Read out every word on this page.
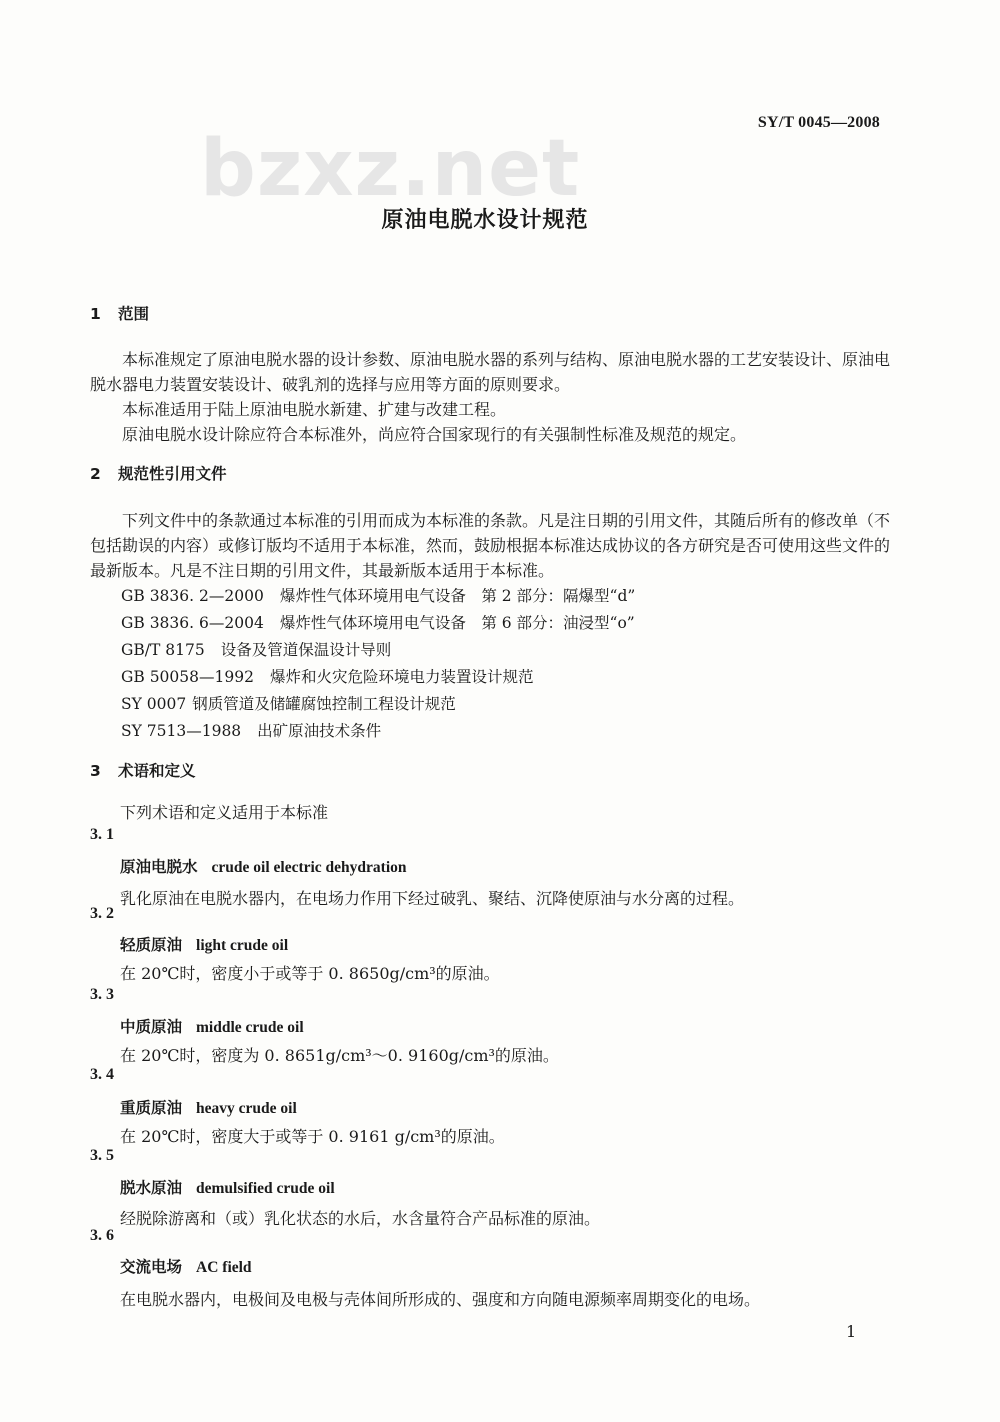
SY/T 0045—2008
bzxz.net
原油电脱水设计规范
1 范围

本标准规定了原油电脱水器的设计参数、原油电脱水器的系列与结构、原油电脱水器的工艺安装设计、原油电脱水器电力装置安装设计、破乳剂的选择与应用等方面的原则要求。

本标准适用于陆上原油电脱水新建、扩建与改建工程。

原油电脱水设计除应符合本标准外，尚应符合国家现行的有关强制性标准及规范的规定。

2 规范性引用文件

下列文件中的条款通过本标准的引用而成为本标准的条款。凡是注日期的引用文件，其随后所有的修改单（不包括勘误的内容）或修订版均不适用于本标准，然而，鼓励根据本标准达成协议的各方研究是否可使用这些文件的最新版本。凡是不注日期的引用文件，其最新版本适用于本标准。

GB 3836. 2—2000 爆炸性气体环境用电气设备　第 2 部分：隔爆型“d”
GB 3836. 6—2004 爆炸性气体环境用电气设备　第 6 部分：油浸型“o”
GB/T 8175 设备及管道保温设计导则
GB 50058—1992 爆炸和火灾危险环境电力装置设计规范
SY 0007 钢质管道及储罐腐蚀控制工程设计规范
SY 7513—1988 出矿原油技术条件
3 术语和定义
下列术语和定义适用于本标准
3. 1
原油电脱水 crude oil electric dehydration
乳化原油在电脱水器内，在电场力作用下经过破乳、聚结、沉降使原油与水分离的过程。
3. 2
轻质原油 light crude oil
在 20℃时，密度小于或等于 0. 8650g/cm³的原油。
3. 3
中质原油 middle crude oil
在 20℃时，密度为 0. 8651g/cm³～0. 9160g/cm³的原油。
3. 4
重质原油 heavy crude oil
在 20℃时，密度大于或等于 0. 9161 g/cm³的原油。
3. 5
脱水原油 demulsified crude oil
经脱除游离和（或）乳化状态的水后，水含量符合产品标准的原油。
3. 6
交流电场 AC field
在电脱水器内，电极间及电极与壳体间所形成的、强度和方向随电源频率周期变化的电场。
1
